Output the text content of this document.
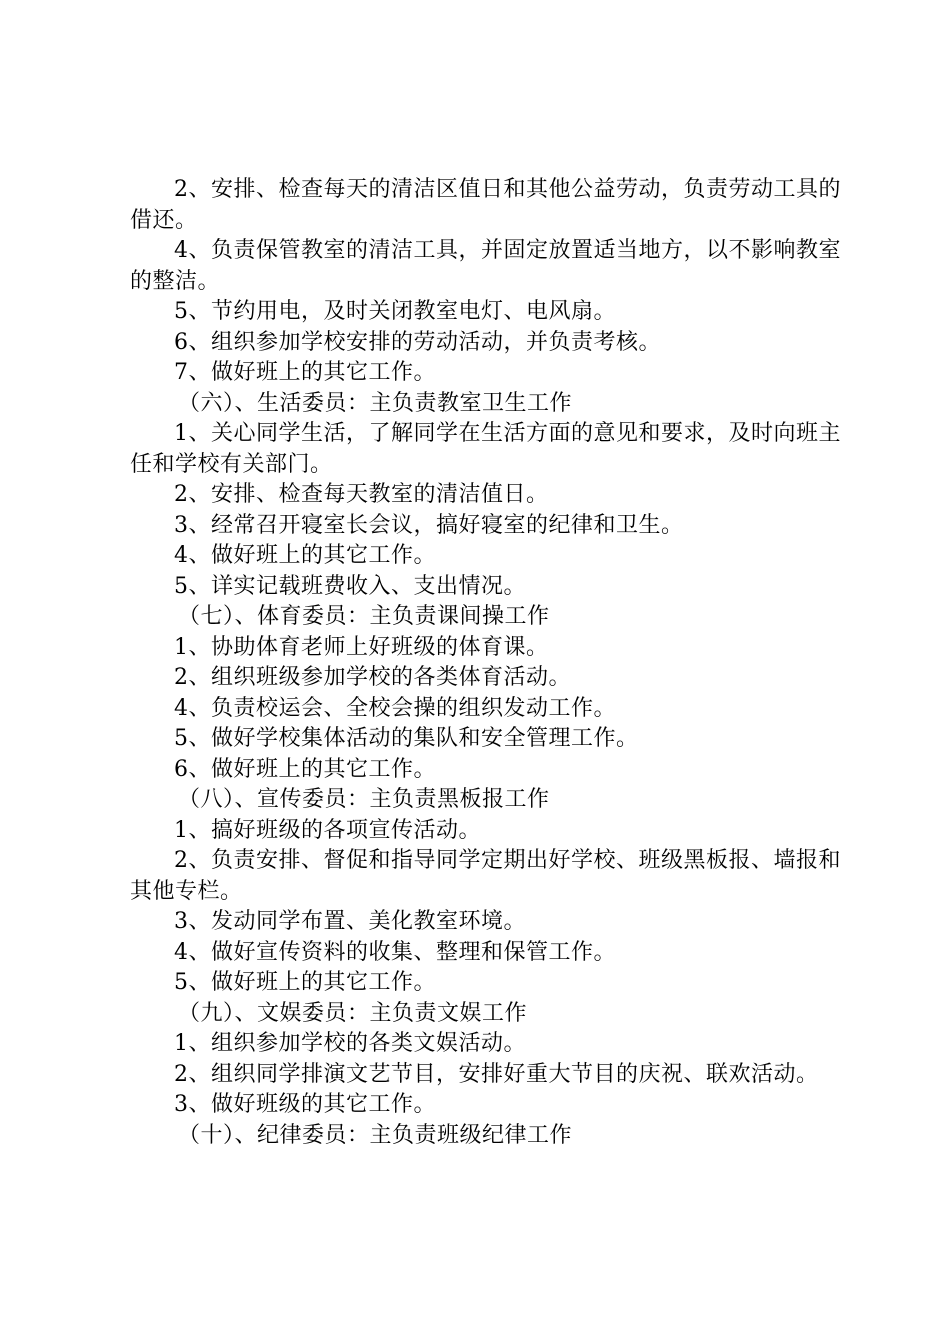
2、安排、检查每天的清洁区值日和其他公益劳动，负责劳动工具的借还。

4、负责保管教室的清洁工具，并固定放置适当地方，以不影响教室的整洁。

5、节约用电，及时关闭教室电灯、电风扇。

6、组织参加学校安排的劳动活动，并负责考核。

7、做好班上的其它工作。

（六）、生活委员：主负责教室卫生工作

1、关心同学生活，了解同学在生活方面的意见和要求，及时向班主任和学校有关部门。

2、安排、检查每天教室的清洁值日。

3、经常召开寝室长会议，搞好寝室的纪律和卫生。

4、做好班上的其它工作。

5、详实记载班费收入、支出情况。

（七）、体育委员：主负责课间操工作

1、协助体育老师上好班级的体育课。

2、组织班级参加学校的各类体育活动。

4、负责校运会、全校会操的组织发动工作。

5、做好学校集体活动的集队和安全管理工作。

6、做好班上的其它工作。

（八）、宣传委员：主负责黑板报工作

1、搞好班级的各项宣传活动。

2、负责安排、督促和指导同学定期出好学校、班级黑板报、墙报和其他专栏。

3、发动同学布置、美化教室环境。

4、做好宣传资料的收集、整理和保管工作。

5、做好班上的其它工作。

（九）、文娱委员：主负责文娱工作

1、组织参加学校的各类文娱活动。

2、组织同学排演文艺节目，安排好重大节目的庆祝、联欢活动。

3、做好班级的其它工作。

（十）、纪律委员：主负责班级纪律工作
